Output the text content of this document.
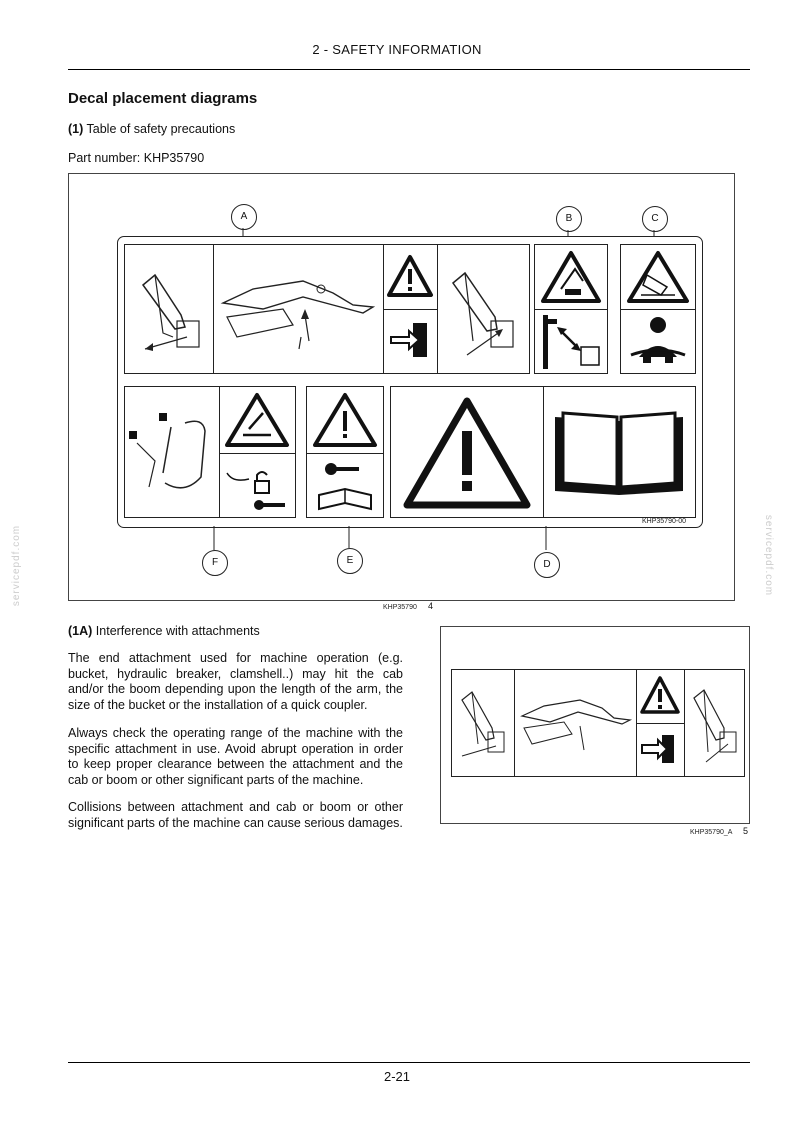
2 - SAFETY INFORMATION
Decal placement diagrams
(1) Table of safety precautions
Part number: KHP35790
A	B	C
KHP35790-00
F	E	D
KHP35790 4
(1A) Interference with attachments
The end attachment used for machine operation (e.g. bucket, hydraulic breaker, clamshell..) may hit the cab and/or the boom depending upon the length of the arm, the size of the bucket or the installation of a quick coupler.
Always check the operating range of the machine with the specific attachment in use. Avoid abrupt operation in order to keep proper clearance between the attachment and the cab or boom or other significant parts of the machine.
Collisions between attachment and cab or boom or other significant parts of the machine can cause serious damages.
KHP35790_A 5
servicepdf.com	servicepdf.com
2-21
